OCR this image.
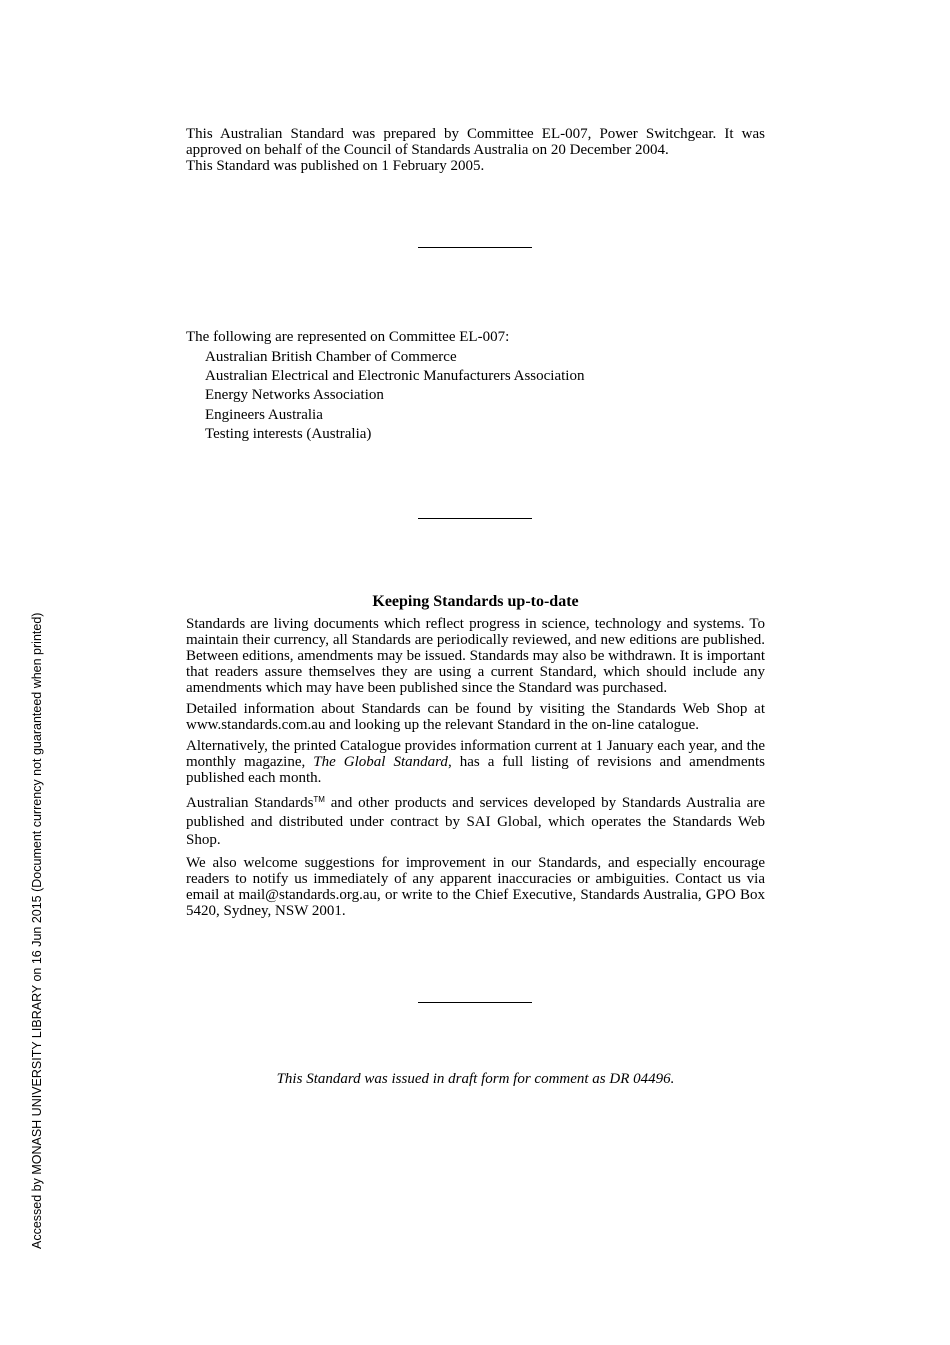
This Australian Standard was prepared by Committee EL-007, Power Switchgear. It was approved on behalf of the Council of Standards Australia on 20 December 2004.

This Standard was published on 1 February 2005.

The following are represented on Committee EL-007:

Australian British Chamber of Commerce
Australian Electrical and Electronic Manufacturers Association
Energy Networks Association
Engineers Australia
Testing interests (Australia)
Keeping Standards up-to-date

Standards are living documents which reflect progress in science, technology and systems. To maintain their currency, all Standards are periodically reviewed, and new editions are published. Between editions, amendments may be issued. Standards may also be withdrawn. It is important that readers assure themselves they are using a current Standard, which should include any amendments which may have been published since the Standard was purchased.

Detailed information about Standards can be found by visiting the Standards Web Shop at www.standards.com.au and looking up the relevant Standard in the on-line catalogue.

Alternatively, the printed Catalogue provides information current at 1 January each year, and the monthly magazine, The Global Standard, has a full listing of revisions and amendments published each month.

Australian Standards™ and other products and services developed by Standards Australia are published and distributed under contract by SAI Global, which operates the Standards Web Shop.

We also welcome suggestions for improvement in our Standards, and especially encourage readers to notify us immediately of any apparent inaccuracies or ambiguities. Contact us via email at mail@standards.org.au, or write to the Chief Executive, Standards Australia, GPO Box 5420, Sydney, NSW 2001.

This Standard was issued in draft form for comment as DR 04496.

Accessed by MONASH UNIVERSITY LIBRARY on 16 Jun 2015 (Document currency not guaranteed when printed)
